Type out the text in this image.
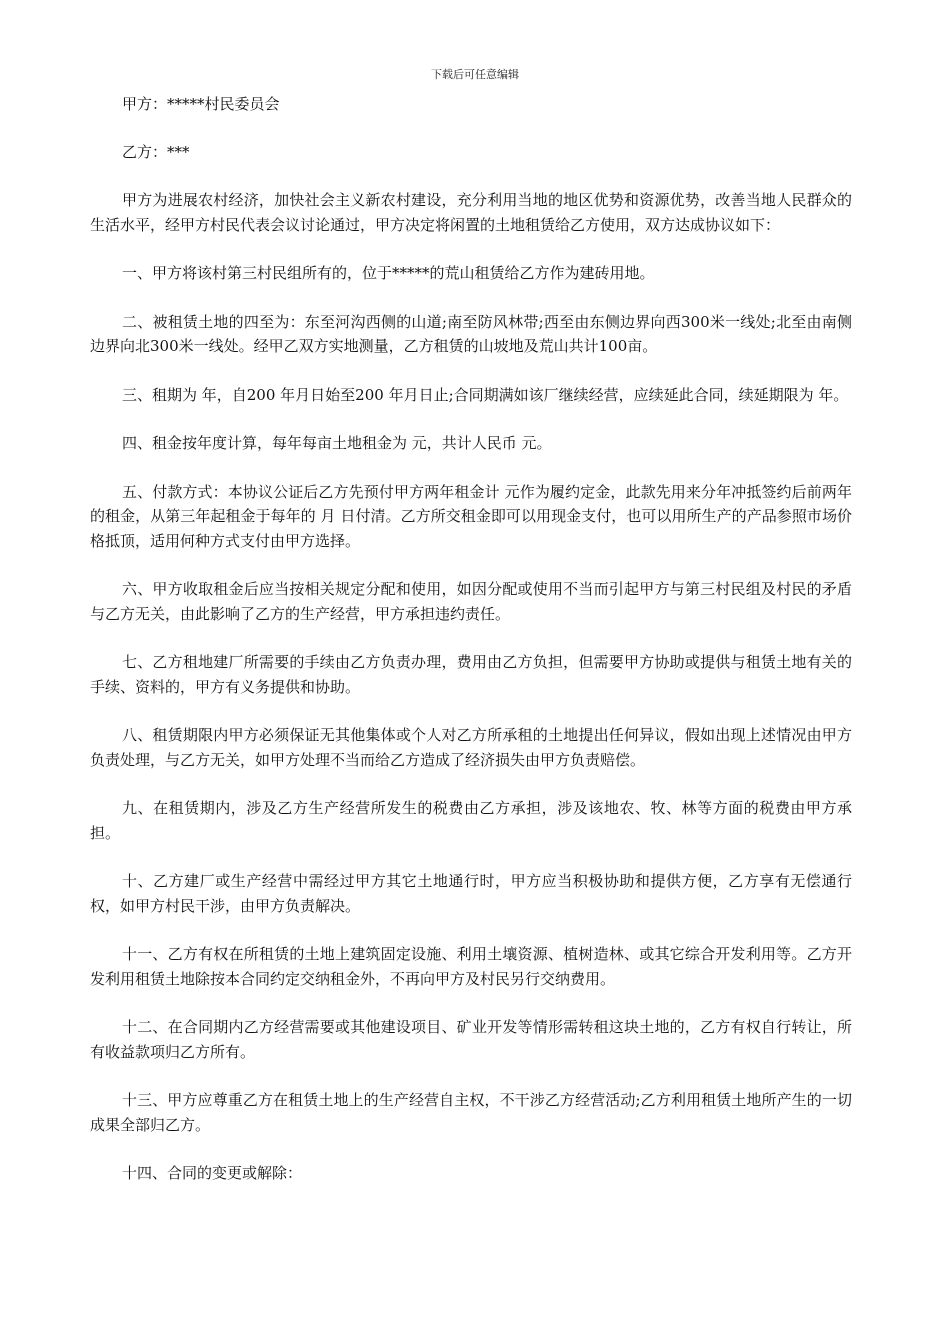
下载后可任意编辑

甲方：*****村民委员会

乙方：***

甲方为进展农村经济，加快社会主义新农村建设，充分利用当地的地区优势和资源优势，改善当地人民群众的生活水平，经甲方村民代表会议讨论通过，甲方决定将闲置的土地租赁给乙方使用，双方达成协议如下：

一、甲方将该村第三村民组所有的，位于*****的荒山租赁给乙方作为建砖用地。

二、被租赁土地的四至为：东至河沟西侧的山道;南至防风林带;西至由东侧边界向西300米一线处;北至由南侧边界向北300米一线处。经甲乙双方实地测量，乙方租赁的山坡地及荒山共计100亩。

三、租期为 年，自200 年月日始至200 年月日止;合同期满如该厂继续经营，应续延此合同，续延期限为 年。

四、租金按年度计算，每年每亩土地租金为 元，共计人民币 元。

五、付款方式：本协议公证后乙方先预付甲方两年租金计 元作为履约定金，此款先用来分年冲抵签约后前两年的租金，从第三年起租金于每年的 月 日付清。乙方所交租金即可以用现金支付，也可以用所生产的产品参照市场价格抵顶，适用何种方式支付由甲方选择。

六、甲方收取租金后应当按相关规定分配和使用，如因分配或使用不当而引起甲方与第三村民组及村民的矛盾与乙方无关，由此影响了乙方的生产经营，甲方承担违约责任。

七、乙方租地建厂所需要的手续由乙方负责办理，费用由乙方负担，但需要甲方协助或提供与租赁土地有关的手续、资料的，甲方有义务提供和协助。

八、租赁期限内甲方必须保证无其他集体或个人对乙方所承租的土地提出任何异议，假如出现上述情况由甲方负责处理，与乙方无关，如甲方处理不当而给乙方造成了经济损失由甲方负责赔偿。

九、在租赁期内，涉及乙方生产经营所发生的税费由乙方承担，涉及该地农、牧、林等方面的税费由甲方承担。

十、乙方建厂或生产经营中需经过甲方其它土地通行时，甲方应当积极协助和提供方便，乙方享有无偿通行权，如甲方村民干涉，由甲方负责解决。

十一、乙方有权在所租赁的土地上建筑固定设施、利用土壤资源、植树造林、或其它综合开发利用等。乙方开发利用租赁土地除按本合同约定交纳租金外，不再向甲方及村民另行交纳费用。

十二、在合同期内乙方经营需要或其他建设项目、矿业开发等情形需转租这块土地的，乙方有权自行转让，所有收益款项归乙方所有。

十三、甲方应尊重乙方在租赁土地上的生产经营自主权，不干涉乙方经营活动;乙方利用租赁土地所产生的一切成果全部归乙方。

十四、合同的变更或解除：
